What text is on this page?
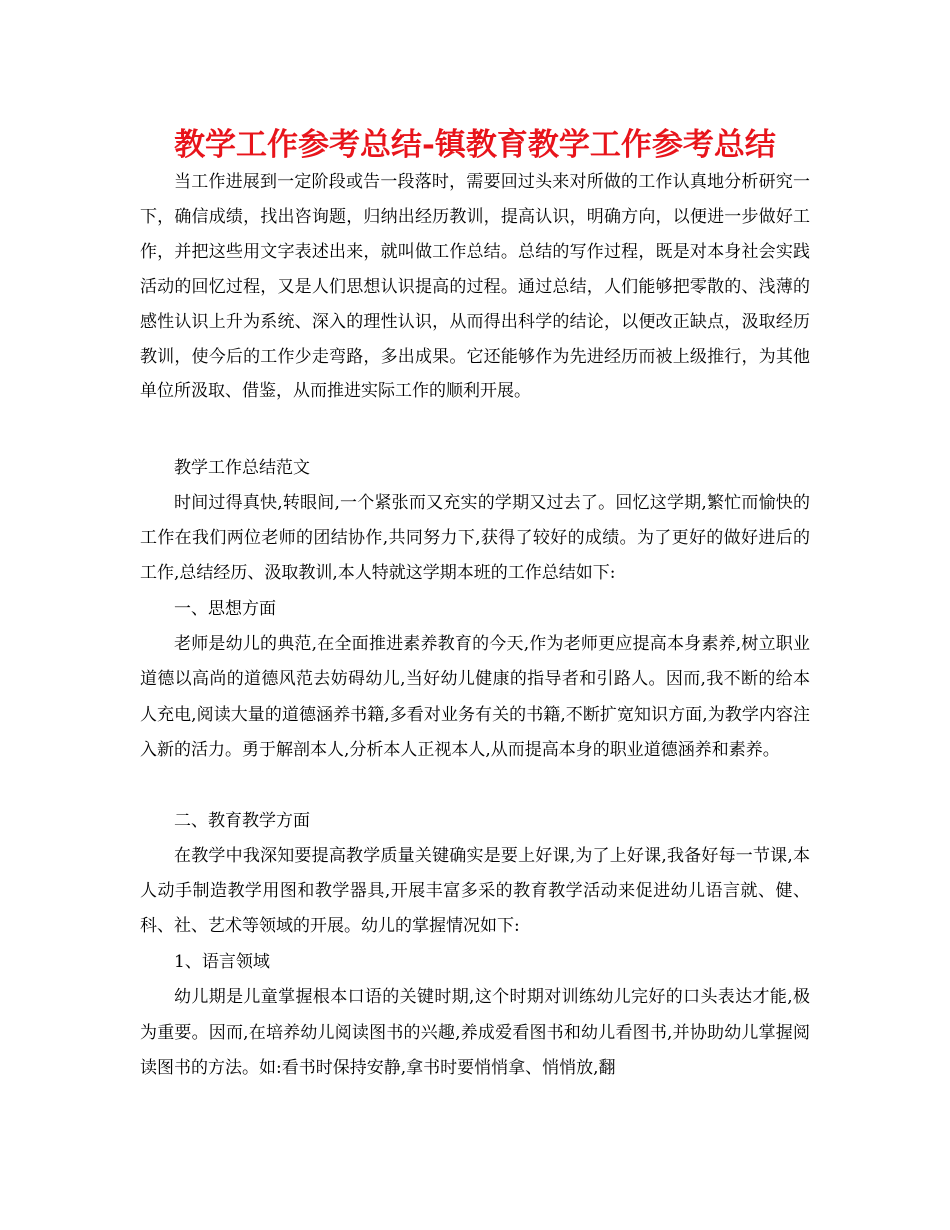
教学工作参考总结-镇教育教学工作参考总结

当工作进展到一定阶段或告一段落时，需要回过头来对所做的工作认真地分析研究一下，确信成绩，找出咨询题，归纳出经历教训，提高认识，明确方向，以便进一步做好工作，并把这些用文字表述出来，就叫做工作总结。总结的写作过程，既是对本身社会实践活动的回忆过程，又是人们思想认识提高的过程。通过总结，人们能够把零散的、浅薄的感性认识上升为系统、深入的理性认识，从而得出科学的结论，以便改正缺点，汲取经历教训，使今后的工作少走弯路，多出成果。它还能够作为先进经历而被上级推行，为其他单位所汲取、借鉴，从而推进实际工作的顺利开展。

教学工作总结范文

时间过得真快,转眼间,一个紧张而又充实的学期又过去了。回忆这学期,繁忙而愉快的工作在我们两位老师的团结协作,共同努力下,获得了较好的成绩。为了更好的做好进后的工作,总结经历、汲取教训,本人特就这学期本班的工作总结如下:

一、思想方面

老师是幼儿的典范,在全面推进素养教育的今天,作为老师更应提高本身素养,树立职业道德以高尚的道德风范去妨碍幼儿,当好幼儿健康的指导者和引路人。因而,我不断的给本人充电,阅读大量的道德涵养书籍,多看对业务有关的书籍,不断扩宽知识方面,为教学内容注入新的活力。勇于解剖本人,分析本人正视本人,从而提高本身的职业道德涵养和素养。

二、教育教学方面

在教学中我深知要提高教学质量关键确实是要上好课,为了上好课,我备好每一节课,本人动手制造教学用图和教学器具,开展丰富多采的教育教学活动来促进幼儿语言就、健、科、社、艺术等领域的开展。幼儿的掌握情况如下:

1、语言领域

幼儿期是儿童掌握根本口语的关键时期,这个时期对训练幼儿完好的口头表达才能,极为重要。因而,在培养幼儿阅读图书的兴趣,养成爱看图书和幼儿看图书,并协助幼儿掌握阅读图书的方法。如:看书时保持安静,拿书时要悄悄拿、悄悄放,翻
